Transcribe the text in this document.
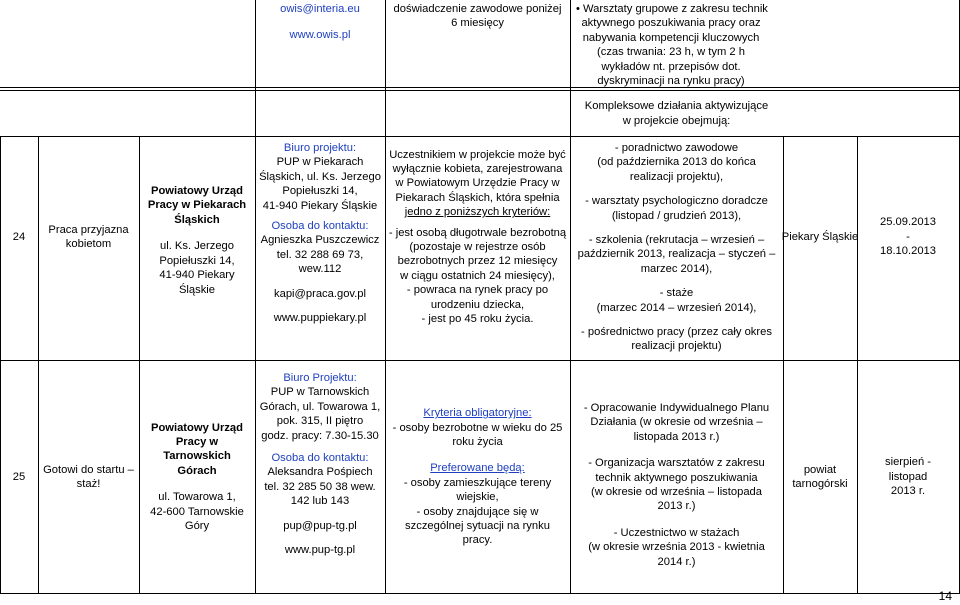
owis@interia.eu
www.owis.pl
doświadczenie zawodowe poniżej
6 miesięcy
• Warsztaty grupowe z zakresu technik
aktywnego poszukiwania pracy oraz
nabywania kompetencji kluczowych
(czas trwania: 23 h, w tym 2 h
wykładów nt. przepisów dot.
dyskryminacji na rynku pracy)
Kompleksowe działania aktywizujące
w projekcie obejmują:
24
Praca przyjazna
kobietom
Powiatowy Urząd
Pracy w Piekarach
Śląskich
ul. Ks. Jerzego
Popiełuszki 14,
41-940 Piekary
Śląskie
Biuro projektu:
PUP w Piekarach
Śląskich, ul. Ks. Jerzego
Popiełuszki 14,
41-940 Piekary Śląskie
Osoba do kontaktu:
Agnieszka Puszczewicz
tel. 32 288 69 73,
wew.112
kapi@praca.gov.pl
www.puppiekary.pl
Uczestnikiem w projekcie może być
wyłącznie kobieta, zarejestrowana
w Powiatowym Urzędzie Pracy w
Piekarach Śląskich, która spełnia
jedno z poniższych kryteriów:
- jest osobą długotrwale bezrobotną
(pozostaje w rejestrze osób
bezrobotnych przez 12 miesięcy
w ciągu ostatnich 24 miesięcy),
- powraca na rynek pracy po
urodzeniu dziecka,
- jest po 45 roku życia.
- poradnictwo zawodowe
(od października 2013 do końca
realizacji projektu),
- warsztaty psychologiczno doradcze
(listopad / grudzień 2013),
- szkolenia (rekrutacja – wrzesień –
październik 2013, realizacja – styczeń –
marzec 2014),
- staże
(marzec 2014 – wrzesień 2014),
- pośrednictwo pracy (przez cały okres
realizacji projektu)
Piekary Śląskie
25.09.2013
-
18.10.2013
25
Gotowi do startu –
staż!
Powiatowy Urząd
Pracy w
Tarnowskich
Górach
ul. Towarowa 1,
42-600 Tarnowskie
Góry
Biuro Projektu:
PUP w Tarnowskich
Górach, ul. Towarowa 1,
pok. 315, II piętro
godz. pracy: 7.30-15.30
Osoba do kontaktu:
Aleksandra Pośpiech
tel. 32 285 50 38 wew.
142 lub 143
pup@pup-tg.pl
www.pup-tg.pl
Kryteria obligatoryjne:
- osoby bezrobotne w wieku do 25
roku życia
Preferowane będą:
- osoby zamieszkujące tereny
wiejskie,
- osoby znajdujące się w
szczególnej sytuacji na rynku
pracy.
- Opracowanie Indywidualnego Planu
Działania (w okresie od września –
listopada 2013 r.)
- Organizacja warsztatów z zakresu
technik aktywnego poszukiwania
(w okresie od września – listopada
2013 r.)
- Uczestnictwo w stażach
(w okresie września 2013 - kwietnia
2014 r.)
powiat
tarnogórski
sierpień -
listopad
2013 r.
14
